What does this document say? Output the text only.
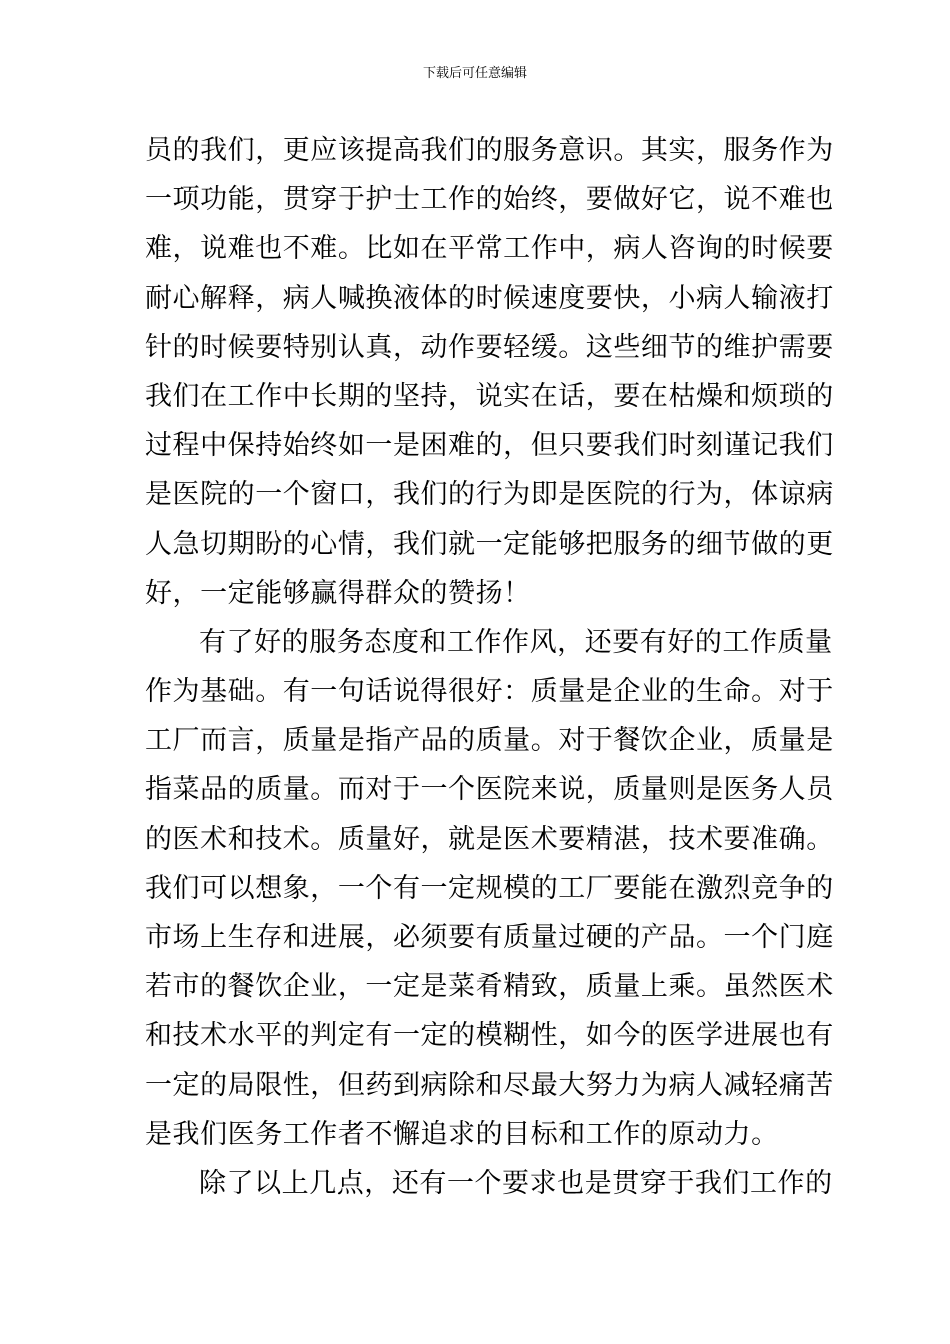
下载后可任意编辑
员的我们，更应该提高我们的服务意识。其实，服务作为
一项功能，贯穿于护士工作的始终，要做好它，说不难也
难，说难也不难。比如在平常工作中，病人咨询的时候要
耐心解释，病人喊换液体的时候速度要快，小病人输液打
针的时候要特别认真，动作要轻缓。这些细节的维护需要
我们在工作中长期的坚持，说实在话，要在枯燥和烦琐的
过程中保持始终如一是困难的，但只要我们时刻谨记我们
是医院的一个窗口，我们的行为即是医院的行为，体谅病
人急切期盼的心情，我们就一定能够把服务的细节做的更
好，一定能够赢得群众的赞扬！
有了好的服务态度和工作作风，还要有好的工作质量
作为基础。有一句话说得很好：质量是企业的生命。对于
工厂而言，质量是指产品的质量。对于餐饮企业，质量是
指菜品的质量。而对于一个医院来说，质量则是医务人员
的医术和技术。质量好，就是医术要精湛，技术要准确。
我们可以想象，一个有一定规模的工厂要能在激烈竞争的
市场上生存和进展，必须要有质量过硬的产品。一个门庭
若市的餐饮企业，一定是菜肴精致，质量上乘。虽然医术
和技术水平的判定有一定的模糊性，如今的医学进展也有
一定的局限性，但药到病除和尽最大努力为病人减轻痛苦
是我们医务工作者不懈追求的目标和工作的原动力。
除了以上几点，还有一个要求也是贯穿于我们工作的
